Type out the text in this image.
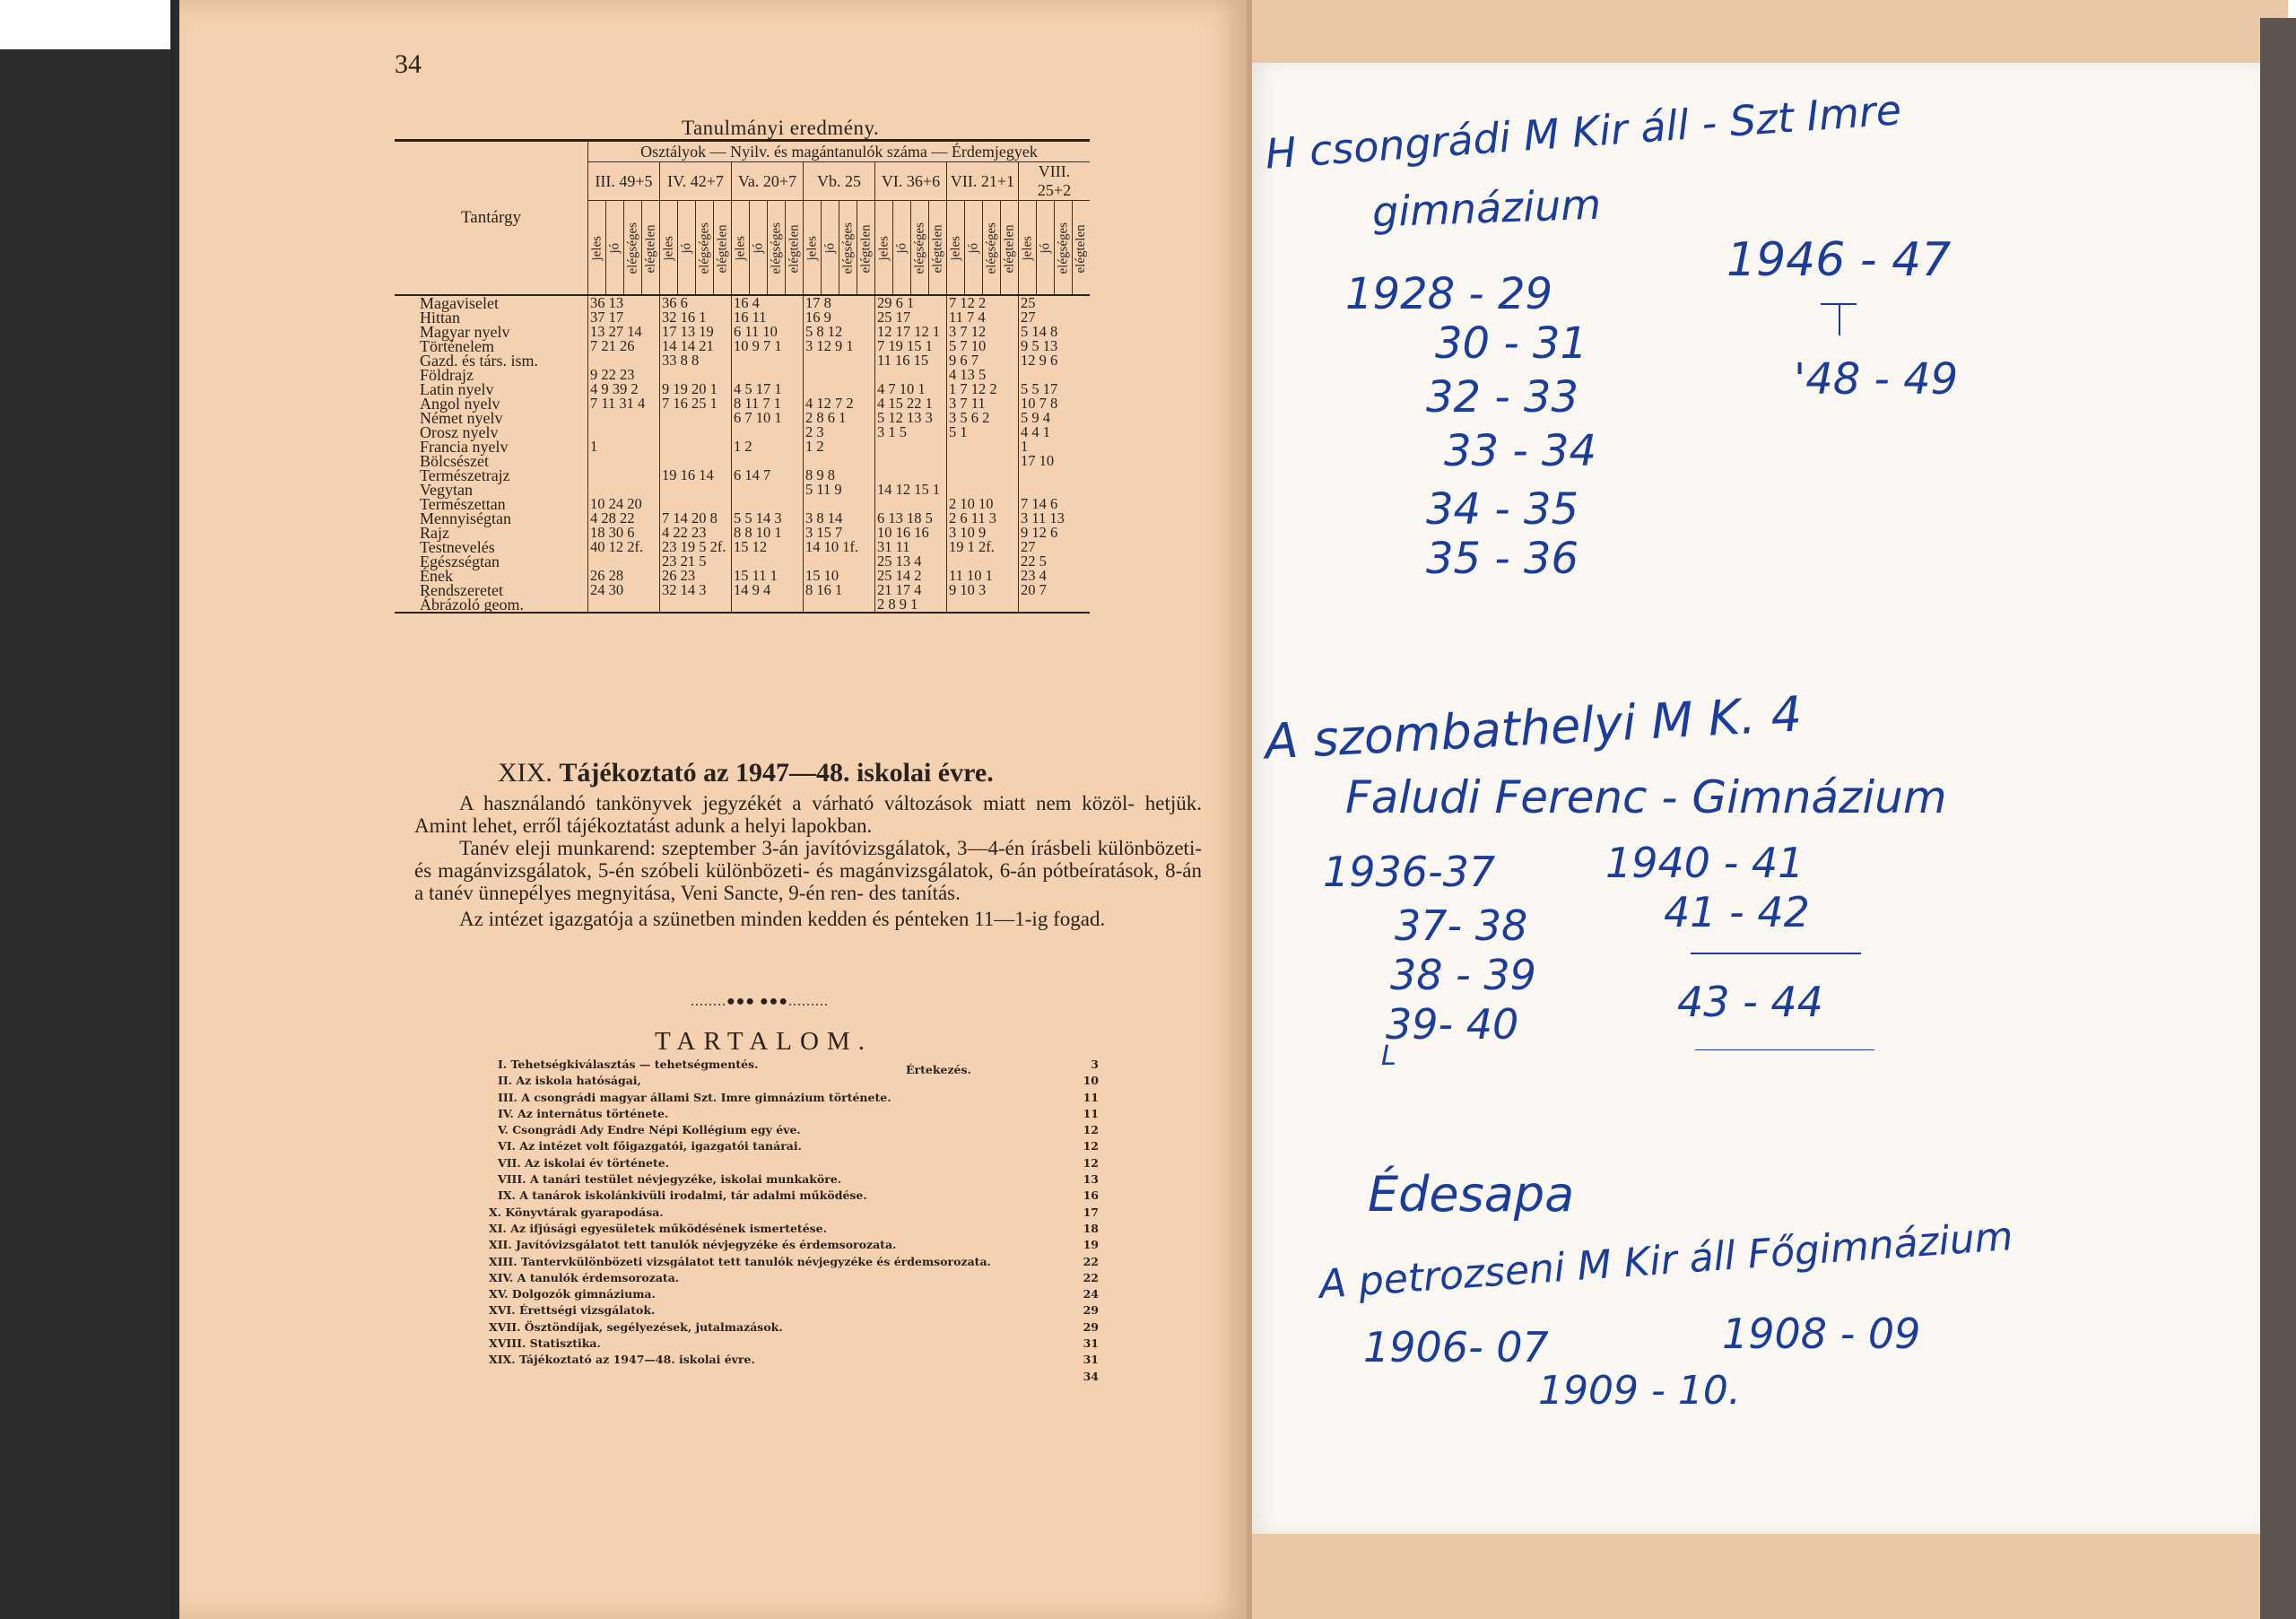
34
Tanulmányi eredmény.
Tantárgy	Osztályok — Nyilv. és magántanulók száma — Érdemjegyek																											
	III. 49+5				IV. 42+7				Va. 20+7				Vb. 25				VI. 36+6				VII. 21+1				VIII. 25+2			
	jeles	jó	elégséges	elégtelen	jeles	jó	elégséges	elégtelen	jeles	jó	elégséges	elégtelen	jeles	jó	elégséges	elégtelen	jeles	jó	elégséges	elégtelen	jeles	jó	elégséges	elégtelen	jeles	jó	elégséges	elégtelen
Magaviselet	36 13				36 6				16 4				17 8				29 6 1				7 12 2				25			
Hittan	37 17				32 16 1				16 11				16 9				25 17				11 7 4				27			
Magyar nyelv	13 27 14				17 13 19				6 11 10				5 8 12				12 17 12 1				3 7 12				5 14 8			
Történelem	7 21 26				14 14 21				10 9 7 1				3 12 9 1				7 19 15 1				5 7 10				9 5 13			
Gazd. és társ. ism.					33 8 8												11 16 15				9 6 7				12 9 6			
Földrajz	9 22 23																				4 13 5							
Latin nyelv	4 9 39 2				9 19 20 1				4 5 17 1								4 7 10 1				1 7 12 2				5 5 17			
Angol nyelv	7 11 31 4				7 16 25 1				8 11 7 1				4 12 7 2				4 15 22 1				3 7 11				10 7 8			
Német nyelv									6 7 10 1				2 8 6 1				5 12 13 3				3 5 6 2				5 9 4			
Orosz nyelv													2 3				3 1 5				5 1				4 4 1			
Francia nyelv	1								1 2				1 2												1			
Bölcsészet																									17 10			
Természetrajz					19 16 14				6 14 7				8 9 8															
Vegytan													5 11 9				14 12 15 1											
Természettan	10 24 20																				2 10 10				7 14 6			
Mennyiségtan	4 28 22				7 14 20 8				5 5 14 3				3 8 14				6 13 18 5				2 6 11 3				3 11 13			
Rajz	18 30 6				4 22 23				8 8 10 1				3 15 7				10 16 16				3 10 9				9 12 6			
Testnevelés	40 12 2f.				23 19 5 2f.				15 12				14 10 1f.				31 11				19 1 2f.				27			
Egészségtan					23 21 5												25 13 4								22 5			
Ének	26 28				26 23				15 11 1				15 10				25 14 2				11 10 1				23 4			
Rendszeretet	24 30				32 14 3				14 9 4				8 16 1				21 17 4				9 10 3				20 7			
Ábrázoló geom.																	2 8 9 1											
XIX. Tájékoztató az 1947—48. iskolai évre.

A használandó tankönyvek jegyzékét a várható változások miatt nem közöl- hetjük. Amint lehet, erről tájékoztatást adunk a helyi lapokban.

Tanév eleji munkarend: szeptember 3-án javítóvizsgálatok, 3—4-én írásbeli különbözeti- és magánvizsgálatok, 5-én szóbeli különbözeti- és magánvizsgálatok, 6-án pótbeíratások, 8-án a tanév ünnepélyes megnyitása, Veni Sancte, 9-én ren- des tanítás.

Az intézet igazgatója a szünetben minden kedden és pénteken 11—1-ig fogad.

........●●● ●●●.........
TARTALOM.
Értekezés.
I. Tehetségkiválasztás — tehetségmentés.	3
II. Az iskola hatóságai,	10
III. A csongrádi magyar állami Szt. Imre gimnázium története.	11
IV. Az internátus története.	11
V. Csongrádi Ady Endre Népi Kollégium egy éve.	12
VI. Az intézet volt főigazgatói, igazgatói tanárai.	12
VII. Az iskolai év története.	12
VIII. A tanári testület névjegyzéke, iskolai munkaköre.	13
IX. A tanárok iskolánkivüli irodalmi, tár adalmi működése.	16
X. Könyvtárak gyarapodása.	17
XI. Az ifjúsági egyesületek működésének ismertetése.	18
XII. Javítóvizsgálatot tett tanulók névjegyzéke és érdemsorozata.	19
XIII. Tantervkülönbözeti vizsgálatot tett tanulók névjegyzéke és érdemsorozata.	22
XIV. A tanulók érdemsorozata.	22
XV. Dolgozók gimnáziuma.	24
XVI. Érettségi vizsgálatok.	29
XVII. Ösztöndíjak, segélyezések, jutalmazások.	29
XVIII. Statisztika.	31
XIX. Tájékoztató az 1947—48. iskolai évre.	31
34
H csongrádi M Kir áll - Szt Imre
gimnázium
1928 - 29
30 - 31
32 - 33
33 - 34
34 - 35
35 - 36
1946 - 47
'48 - 49
A szombathelyi M K. 4
Faludi Ferenc - Gimnázium
1936-37
37- 38
38 - 39
39- 40
L
1940 - 41
41 - 42
43 - 44
Édesapa
A petrozseni M Kir áll Főgimnázium
1906- 07	1908 - 09
1909 - 10.
